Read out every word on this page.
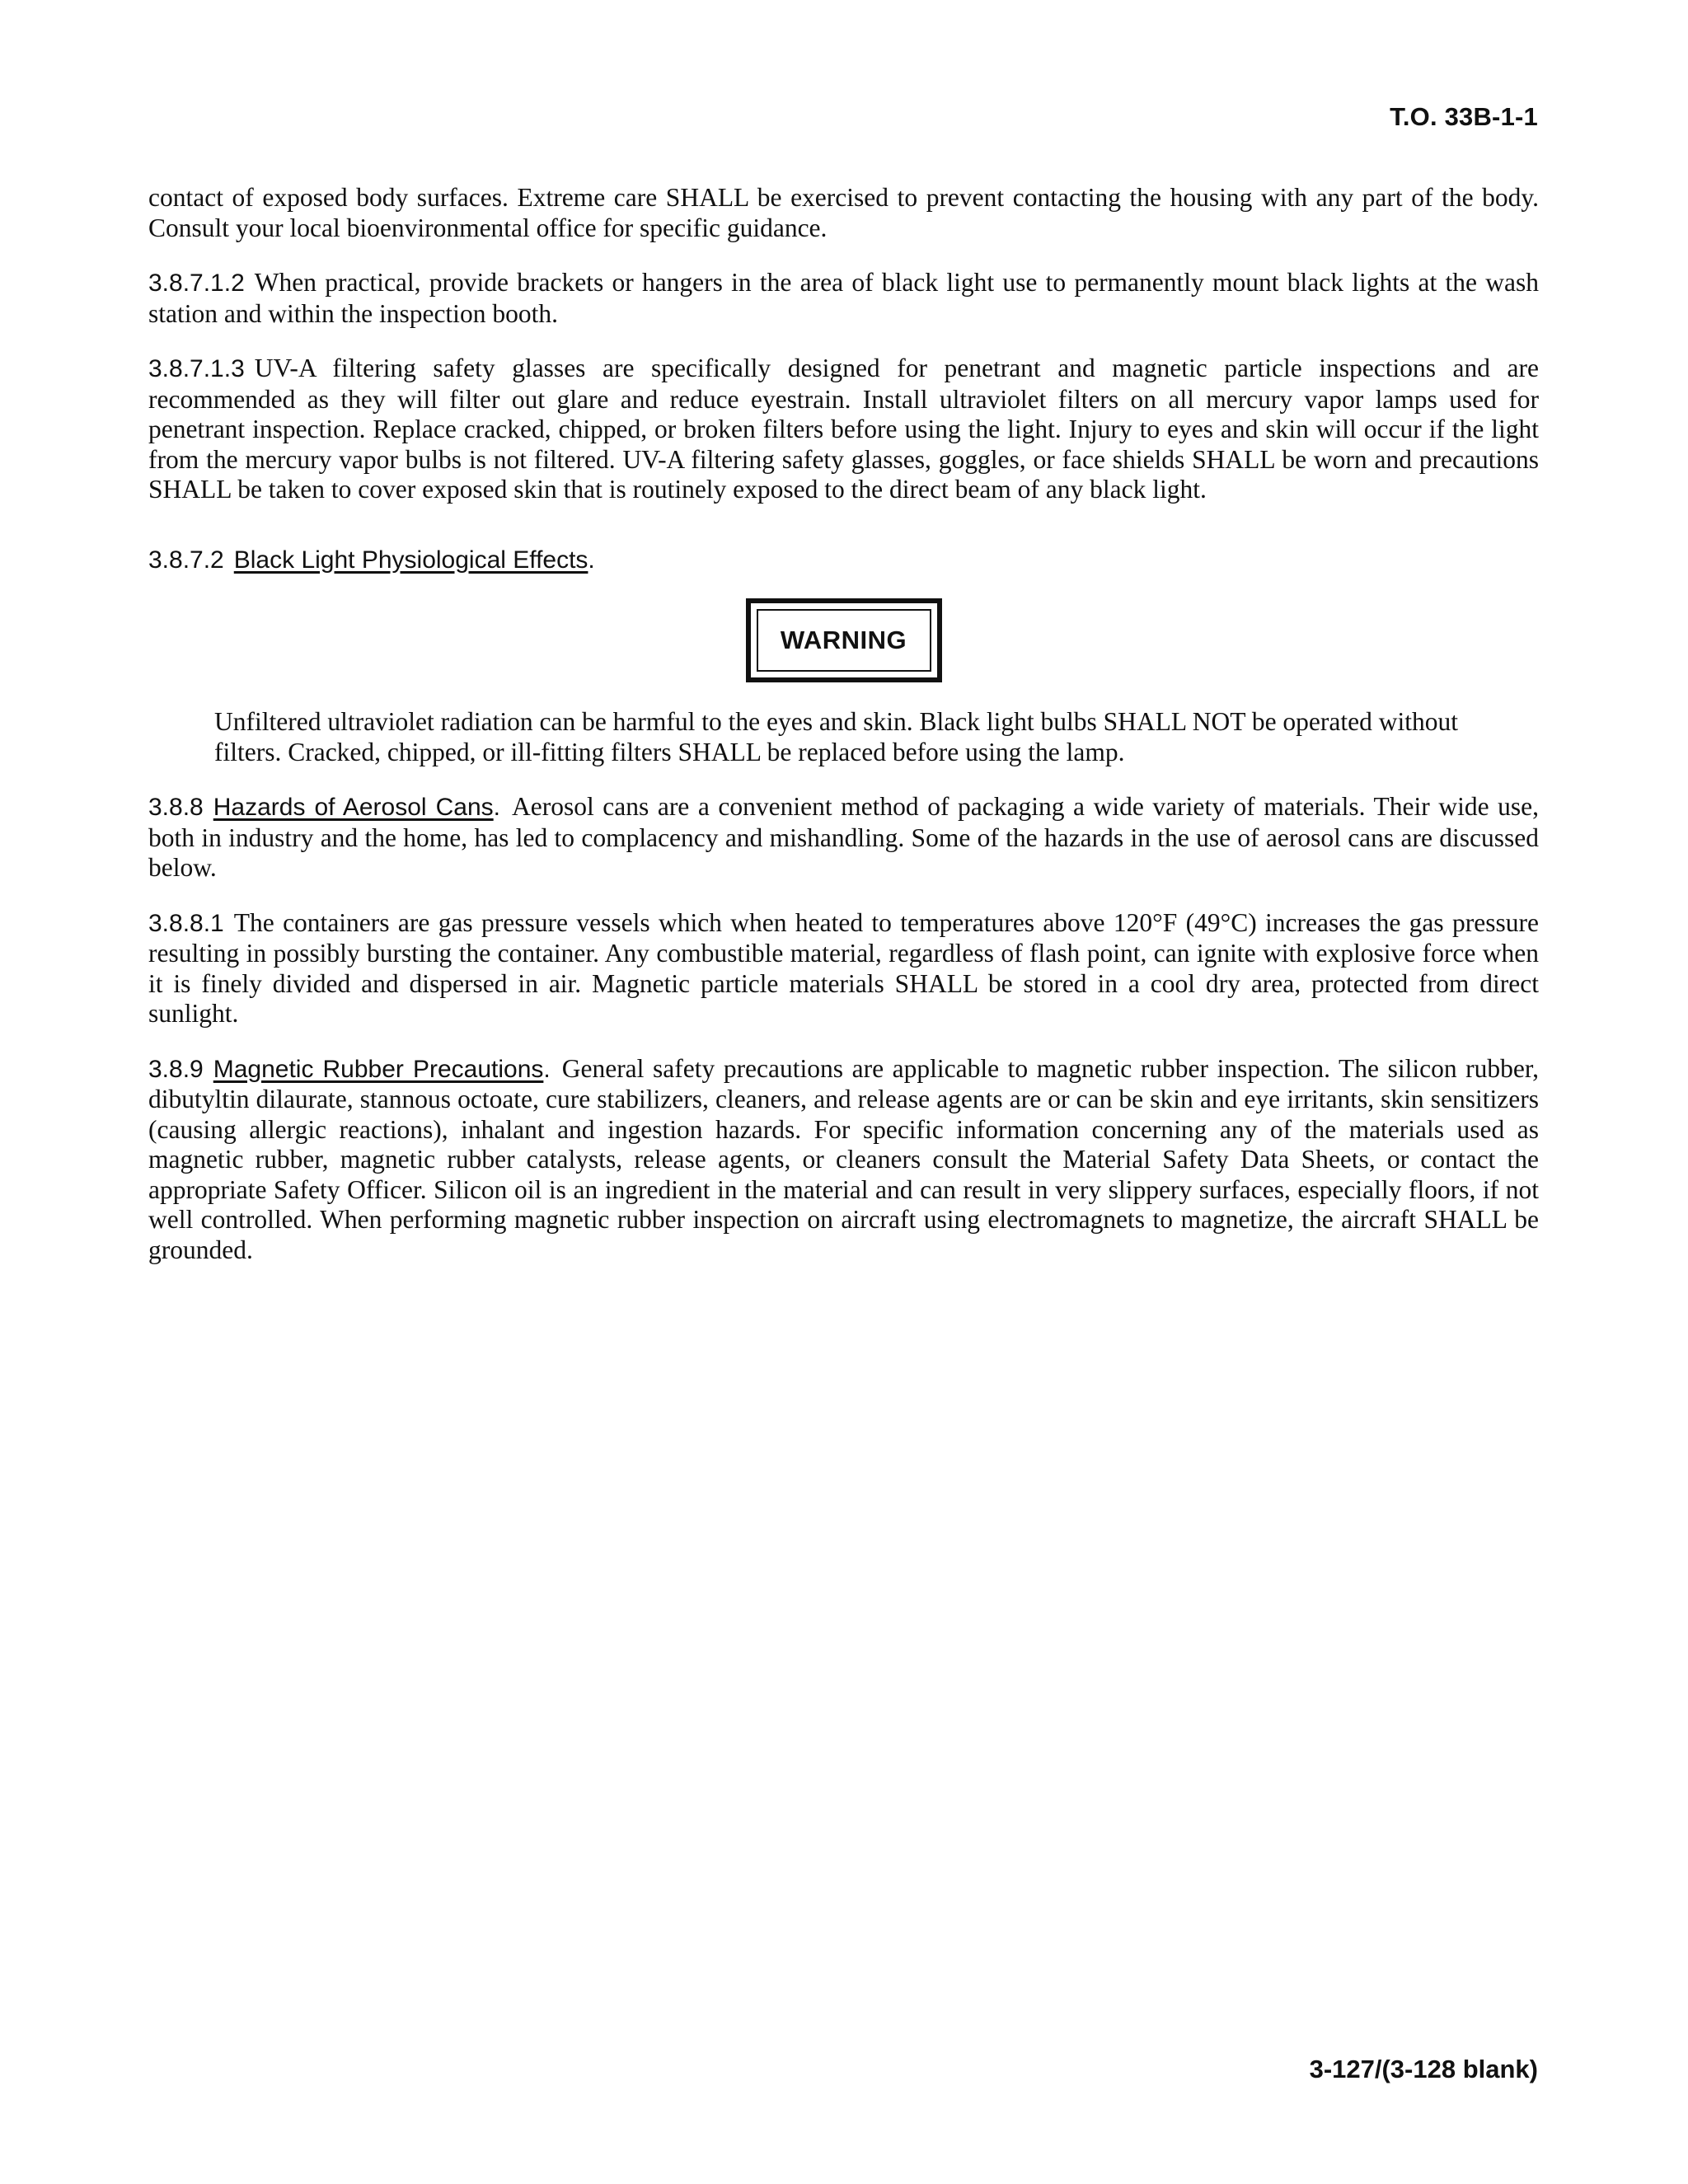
T.O. 33B-1-1

contact of exposed body surfaces. Extreme care SHALL be exercised to prevent contacting the housing with any part of the body. Consult your local bioenvironmental office for specific guidance.

3.8.7.1.2 When practical, provide brackets or hangers in the area of black light use to permanently mount black lights at the wash station and within the inspection booth.

3.8.7.1.3 UV-A filtering safety glasses are specifically designed for penetrant and magnetic particle inspections and are recommended as they will filter out glare and reduce eyestrain. Install ultraviolet filters on all mercury vapor lamps used for penetrant inspection. Replace cracked, chipped, or broken filters before using the light. Injury to eyes and skin will occur if the light from the mercury vapor bulbs is not filtered. UV-A filtering safety glasses, goggles, or face shields SHALL be worn and precautions SHALL be taken to cover exposed skin that is routinely exposed to the direct beam of any black light.

3.8.7.2 Black Light Physiological Effects.

WARNING

Unfiltered ultraviolet radiation can be harmful to the eyes and skin. Black light bulbs SHALL NOT be operated without filters. Cracked, chipped, or ill-fitting filters SHALL be replaced before using the lamp.

3.8.8 Hazards of Aerosol Cans. Aerosol cans are a convenient method of packaging a wide variety of materials. Their wide use, both in industry and the home, has led to complacency and mishandling. Some of the hazards in the use of aerosol cans are discussed below.

3.8.8.1 The containers are gas pressure vessels which when heated to temperatures above 120°F (49°C) increases the gas pressure resulting in possibly bursting the container. Any combustible material, regardless of flash point, can ignite with explosive force when it is finely divided and dispersed in air. Magnetic particle materials SHALL be stored in a cool dry area, protected from direct sunlight.

3.8.9 Magnetic Rubber Precautions. General safety precautions are applicable to magnetic rubber inspection. The silicon rubber, dibutyltin dilaurate, stannous octoate, cure stabilizers, cleaners, and release agents are or can be skin and eye irritants, skin sensitizers (causing allergic reactions), inhalant and ingestion hazards. For specific information concerning any of the materials used as magnetic rubber, magnetic rubber catalysts, release agents, or cleaners consult the Material Safety Data Sheets, or contact the appropriate Safety Officer. Silicon oil is an ingredient in the material and can result in very slippery surfaces, especially floors, if not well controlled. When performing magnetic rubber inspection on aircraft using electromagnets to magnetize, the aircraft SHALL be grounded.

3-127/(3-128 blank)
